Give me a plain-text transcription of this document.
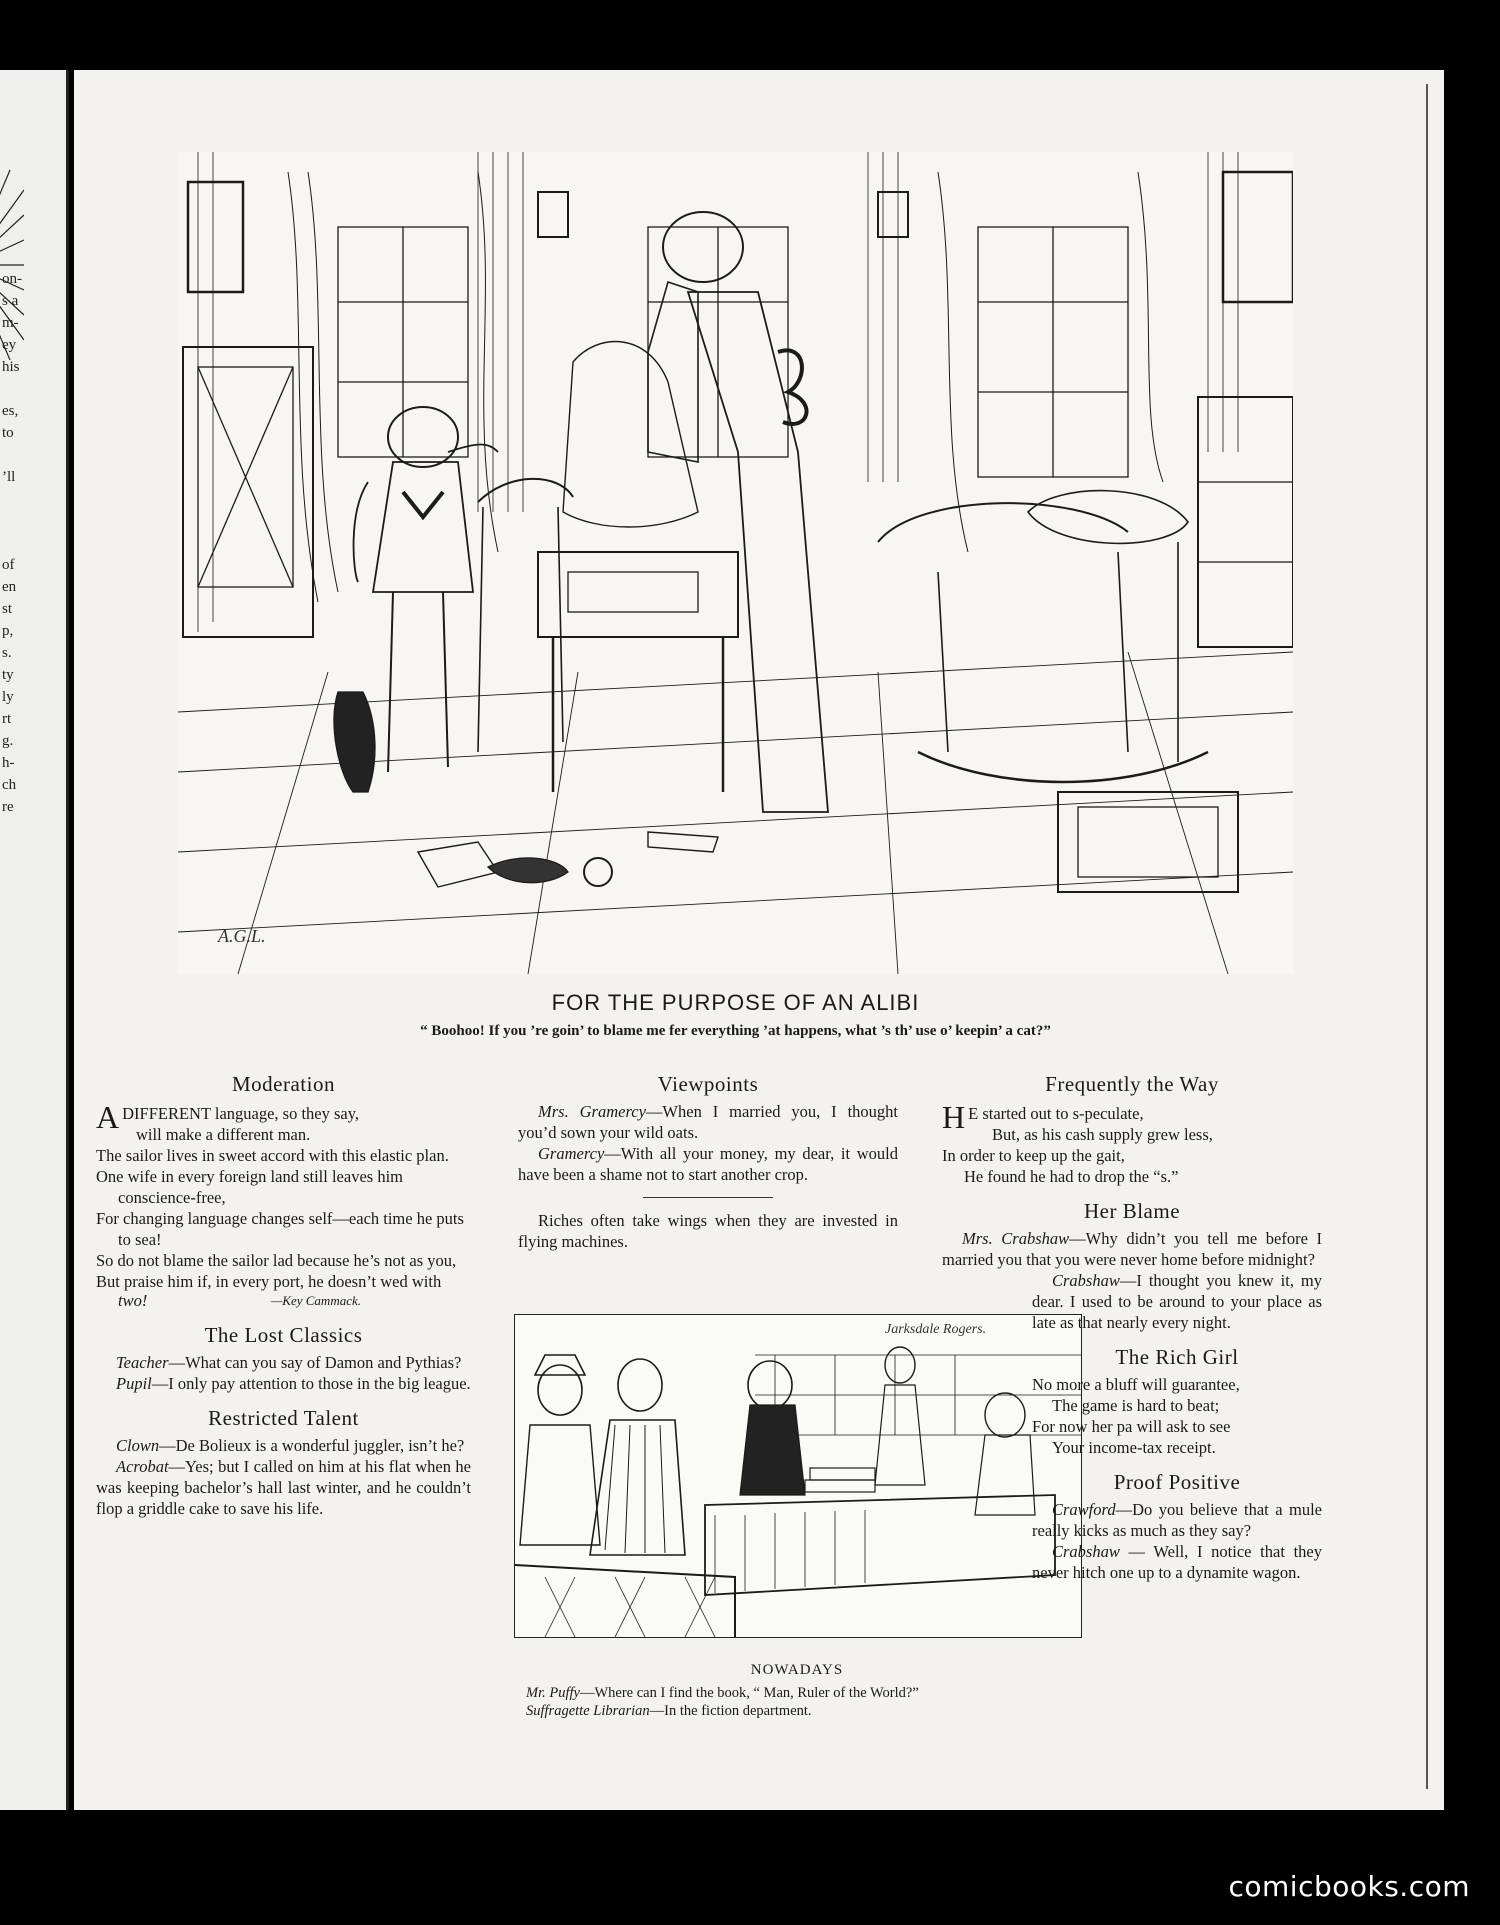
on-
s a
m-
ey
his
es,
to
’ll
of
en
st
p,
s.
ty
ly
rt
g.
h-
ch
re
A.G.L.
FOR THE PURPOSE OF AN ALIBI
“ Boohoo! If you ’re goin’ to blame me fer everything ’at happens, what ’s th’ use o’ keepin’ a cat?”
Moderation

ADIFFERENT language, so they say,

will make a different man.

The sailor lives in sweet accord with this elastic plan.

One wife in every foreign land still leaves him conscience-free,

For changing language changes self—each time he puts to sea!

So do not blame the sailor lad because he’s not as you,

But praise him if, in every port, he doesn’t wed with

two!	—Key Cammack.

The Lost Classics

Teacher—What can you say of Damon and Pythias?

Pupil—I only pay attention to those in the big league.

Restricted Talent

Clown—De Bolieux is a wonderful juggler, isn’t he?

Acrobat—Yes; but I called on him at his flat when he was keeping bachelor’s hall last winter, and he couldn’t flop a griddle cake to save his life.

Viewpoints

Mrs. Gramercy—When I married you, I thought you’d sown your wild oats.

Gramercy—With all your money, my dear, it would have been a shame not to start another crop.

Riches often take wings when they are invested in flying machines.

Jarksdale Rogers.
NOWADAYS
Mr. Puffy—Where can I find the book, “ Man, Ruler of the World?”
Suffragette Librarian—In the fiction department.
Frequently the Way

H E started out to s-peculate,

But, as his cash supply grew less,

In order to keep up the gait,

He found he had to drop the “s.”

Her Blame

Mrs. Crabshaw—Why didn’t you tell me before I married you that you were never home before midnight?

Crabshaw—I thought you knew it, my dear. I used to be around to your place as late as that nearly every night.

The Rich Girl

No more a bluff will guarantee,

The game is hard to beat;

For now her pa will ask to see

Your income-tax receipt.

Proof Positive

Crawford—Do you believe that a mule really kicks as much as they say?

Crabshaw — Well, I notice that they never hitch one up to a dynamite wagon.

comicbooks.com
